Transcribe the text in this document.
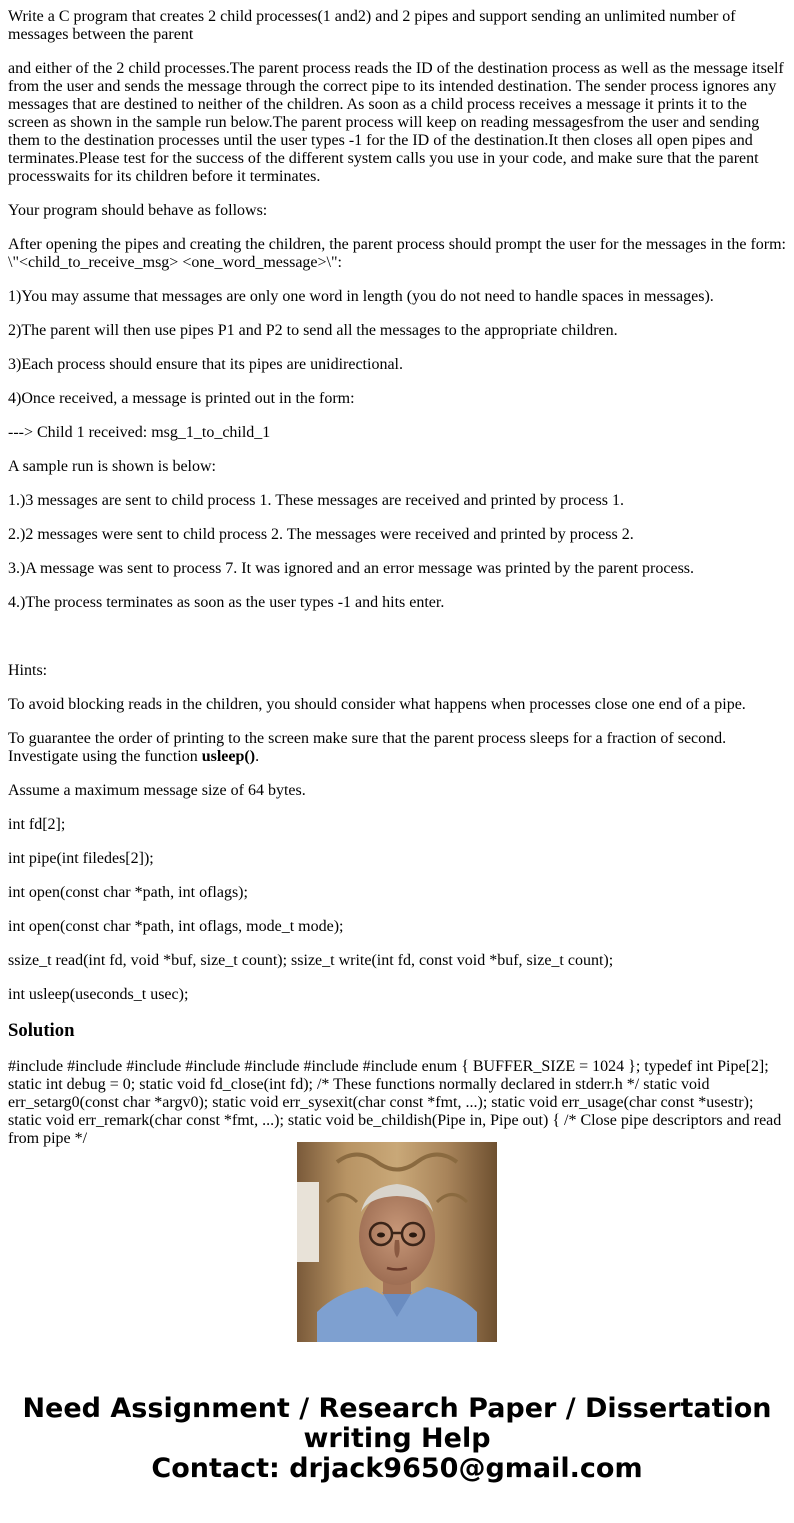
Write a C program that creates 2 child processes(1 and2) and 2 pipes and support sending an unlimited number of messages between the parent

and either of the 2 child processes.The parent process reads the ID of the destination process as well as the message itself from the user and sends the message through the correct pipe to its intended destination. The sender process ignores any messages that are destined to neither of the children. As soon as a child process receives a message it prints it to the screen as shown in the sample run below.The parent process will keep on reading messagesfrom the user and sending them to the destination processes until the user types -1 for the ID of the destination.It then closes all open pipes and terminates.Please test for the success of the different system calls you use in your code, and make sure that the parent processwaits for its children before it terminates.

Your program should behave as follows:

After opening the pipes and creating the children, the parent process should prompt the user for the messages in the form: \"<child_to_receive_msg> <one_word_message>\":

1)You may assume that messages are only one word in length (you do not need to handle spaces in messages).

2)The parent will then use pipes P1 and P2 to send all the messages to the appropriate children.

3)Each process should ensure that its pipes are unidirectional.

4)Once received, a message is printed out in the form:

---> Child 1 received: msg_1_to_child_1

A sample run is shown is below:

1.)3 messages are sent to child process 1. These messages are received and printed by process 1.

2.)2 messages were sent to child process 2. The messages were received and printed by process 2.

3.)A message was sent to process 7. It was ignored and an error message was printed by the parent process.

4.)The process terminates as soon as the user types -1 and hits enter.

Hints:

To avoid blocking reads in the children, you should consider what happens when processes close one end of a pipe.

To guarantee the order of printing to the screen make sure that the parent process sleeps for a fraction of second. Investigate using the function usleep().

Assume a maximum message size of 64 bytes.

int fd[2];

int pipe(int filedes[2]);

int open(const char *path, int oflags);

int open(const char *path, int oflags, mode_t mode);

ssize_t read(int fd, void *buf, size_t count); ssize_t write(int fd, const void *buf, size_t count);

int usleep(useconds_t usec);

Solution

#include #include #include #include #include #include #include enum { BUFFER_SIZE = 1024 }; typedef int Pipe[2]; static int debug = 0; static void fd_close(int fd); /* These functions normally declared in stderr.h */ static void err_setarg0(const char *argv0); static void err_sysexit(char const *fmt, ...); static void err_usage(char const *usestr); static void err_remark(char const *fmt, ...); static void be_childish(Pipe in, Pipe out) { /* Close pipe descriptors and read from pipe */

Need Assignment / Research Paper / Dissertation writing Help
Contact: drjack9650@gmail.com
